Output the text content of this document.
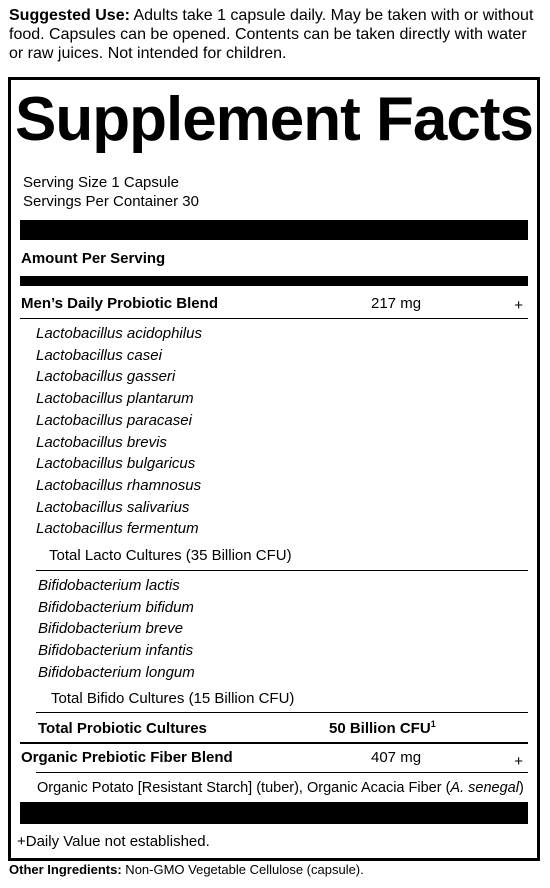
Suggested Use: Adults take 1 capsule daily. May be taken with or without food. Capsules can be opened. Contents can be taken directly with water or raw juices. Not intended for children.
Supplement Facts
Serving Size 1 Capsule
Servings Per Container 30
Amount Per Serving
Men’s Daily Probiotic Blend	217 mg	+
Lactobacillus acidophilus
Lactobacillus casei
Lactobacillus gasseri
Lactobacillus plantarum
Lactobacillus paracasei
Lactobacillus brevis
Lactobacillus bulgaricus
Lactobacillus rhamnosus
Lactobacillus salivarius
Lactobacillus fermentum
Total Lacto Cultures (35 Billion CFU)
Bifidobacterium lactis
Bifidobacterium bifidum
Bifidobacterium breve
Bifidobacterium infantis
Bifidobacterium longum
Total Bifido Cultures (15 Billion CFU)
Total Probiotic Cultures	50 Billion CFU$^1$
Organic Prebiotic Fiber Blend	407 mg	+
Organic Potato [Resistant Starch] (tuber), Organic Acacia Fiber (A. senegal)
+Daily Value not established.
Other Ingredients: Non-GMO Vegetable Cellulose (capsule).
